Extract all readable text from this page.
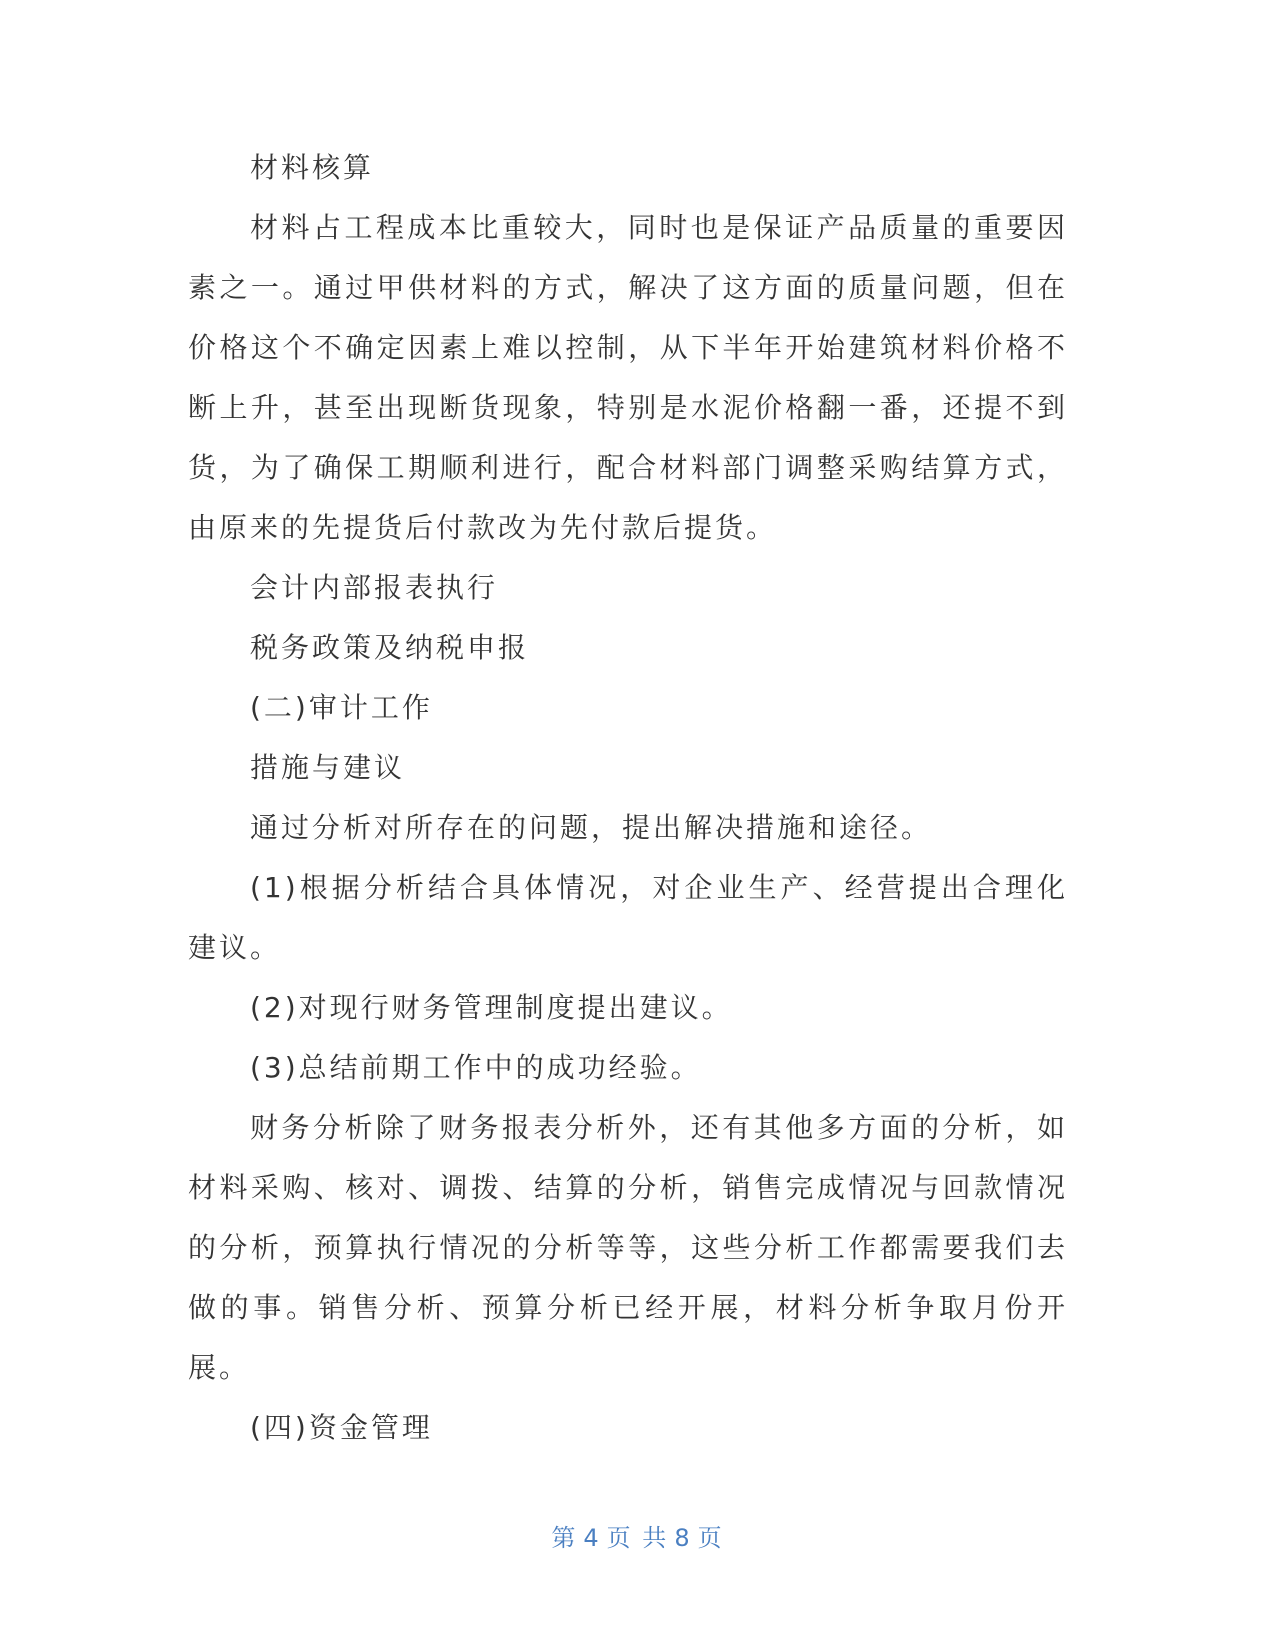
材料核算

材料占工程成本比重较大，同时也是保证产品质量的重要因素之一。通过甲供材料的方式，解决了这方面的质量问题，但在价格这个不确定因素上难以控制，从下半年开始建筑材料价格不断上升，甚至出现断货现象，特别是水泥价格翻一番，还提不到货，为了确保工期顺利进行，配合材料部门调整采购结算方式，由原来的先提货后付款改为先付款后提货。

会计内部报表执行

税务政策及纳税申报

(二)审计工作

措施与建议

通过分析对所存在的问题，提出解决措施和途径。

(1)根据分析结合具体情况，对企业生产、经营提出合理化建议。

(2)对现行财务管理制度提出建议。

(3)总结前期工作中的成功经验。

财务分析除了财务报表分析外，还有其他多方面的分析，如材料采购、核对、调拨、结算的分析，销售完成情况与回款情况的分析，预算执行情况的分析等等，这些分析工作都需要我们去做的事。销售分析、预算分析已经开展，材料分析争取月份开展。

(四)资金管理

第 4 页 共 8 页
